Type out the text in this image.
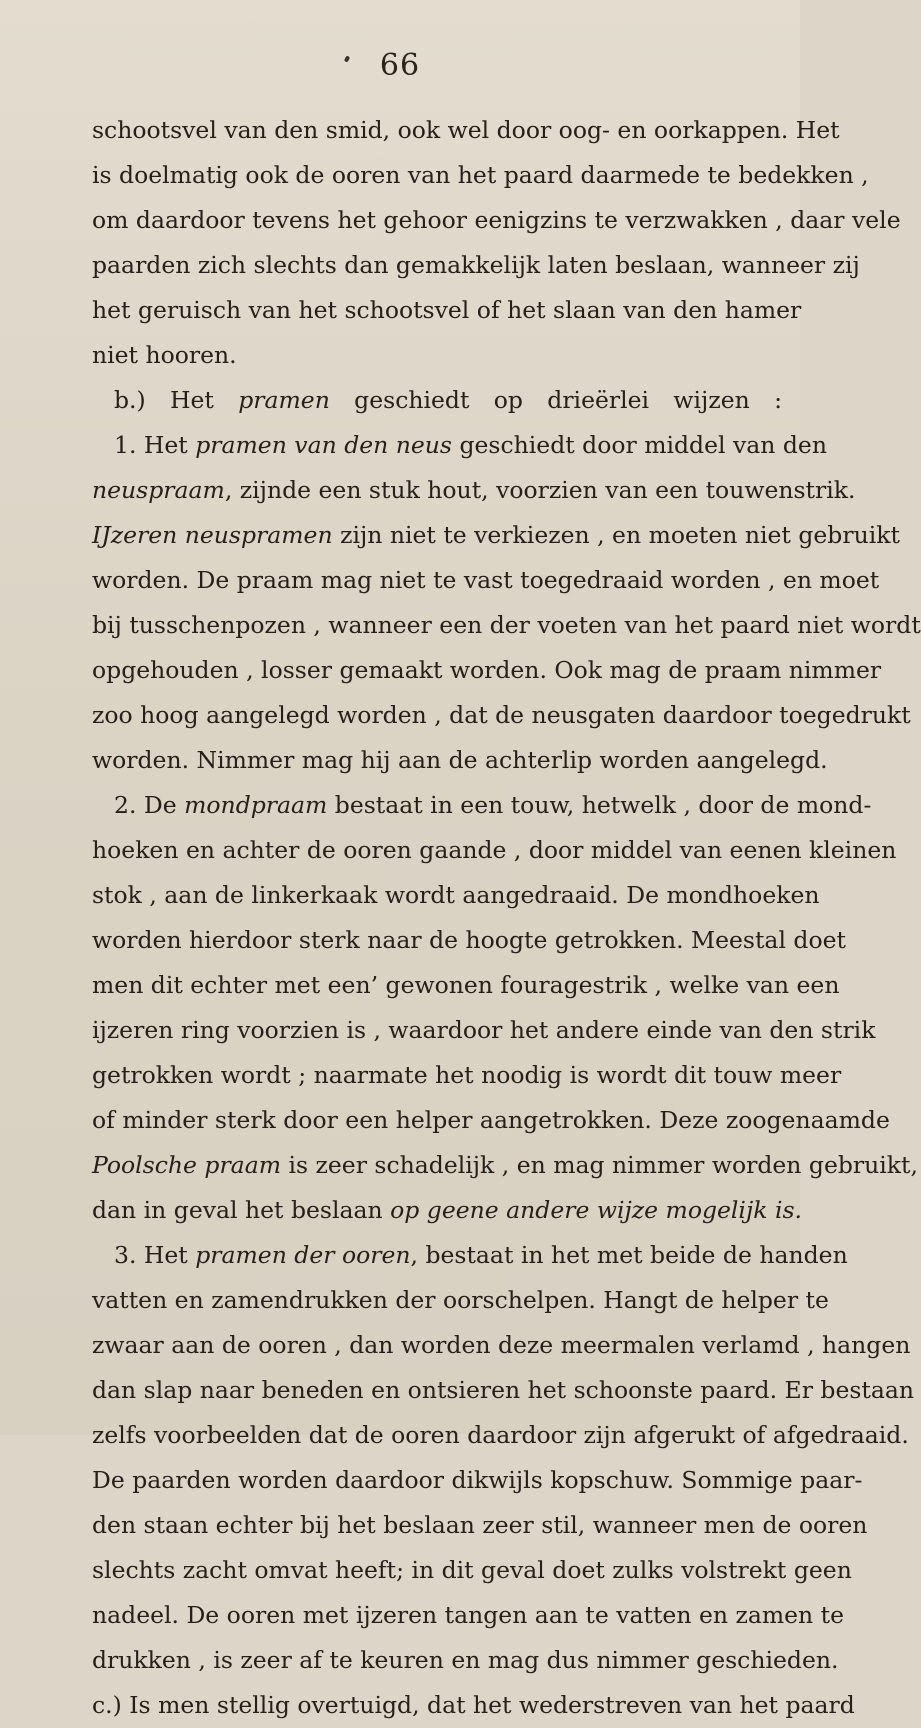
66
schootsvel van den smid, ook wel door oog- en oorkappen. Het
is doelmatig ook de ooren van het paard daarmede te bedekken ,
om daardoor tevens het gehoor eenigzins te verzwakken , daar vele
paarden zich slechts dan gemakkelijk laten beslaan, wanneer zij
het geruisch van het schootsvel of het slaan van den hamer
niet hooren.
b.) Het pramen geschiedt op drieërlei wijzen :
1. Het pramen van den neus geschiedt door middel van den
neuspraam, zijnde een stuk hout, voorzien van een touwenstrik.
IJzeren neuspramen zijn niet te verkiezen , en moeten niet gebruikt
worden. De praam mag niet te vast toegedraaid worden , en moet
bij tusschenpozen , wanneer een der voeten van het paard niet wordt
opgehouden , losser gemaakt worden. Ook mag de praam nimmer
zoo hoog aangelegd worden , dat de neusgaten daardoor toegedrukt
worden. Nimmer mag hij aan de achterlip worden aangelegd.
2. De mondpraam bestaat in een touw, hetwelk , door de mond-
hoeken en achter de ooren gaande , door middel van eenen kleinen
stok , aan de linkerkaak wordt aangedraaid. De mondhoeken
worden hierdoor sterk naar de hoogte getrokken. Meestal doet
men dit echter met een’ gewonen fouragestrik , welke van een
ijzeren ring voorzien is , waardoor het andere einde van den strik
getrokken wordt ; naarmate het noodig is wordt dit touw meer
of minder sterk door een helper aangetrokken. Deze zoogenaamde
Poolsche praam is zeer schadelijk , en mag nimmer worden gebruikt,
dan in geval het beslaan op geene andere wijze mogelijk is.
3. Het pramen der ooren, bestaat in het met beide de handen
vatten en zamendrukken der oorschelpen. Hangt de helper te
zwaar aan de ooren , dan worden deze meermalen verlamd , hangen
dan slap naar beneden en ontsieren het schoonste paard. Er bestaan
zelfs voorbeelden dat de ooren daardoor zijn afgerukt of afgedraaid.
De paarden worden daardoor dikwijls kopschuw. Sommige paar-
den staan echter bij het beslaan zeer stil, wanneer men de ooren
slechts zacht omvat heeft; in dit geval doet zulks volstrekt geen
nadeel. De ooren met ijzeren tangen aan te vatten en zamen te
drukken , is zeer af te keuren en mag dus nimmer geschieden.
c.) Is men stellig overtuigd, dat het wederstreven van het paard
